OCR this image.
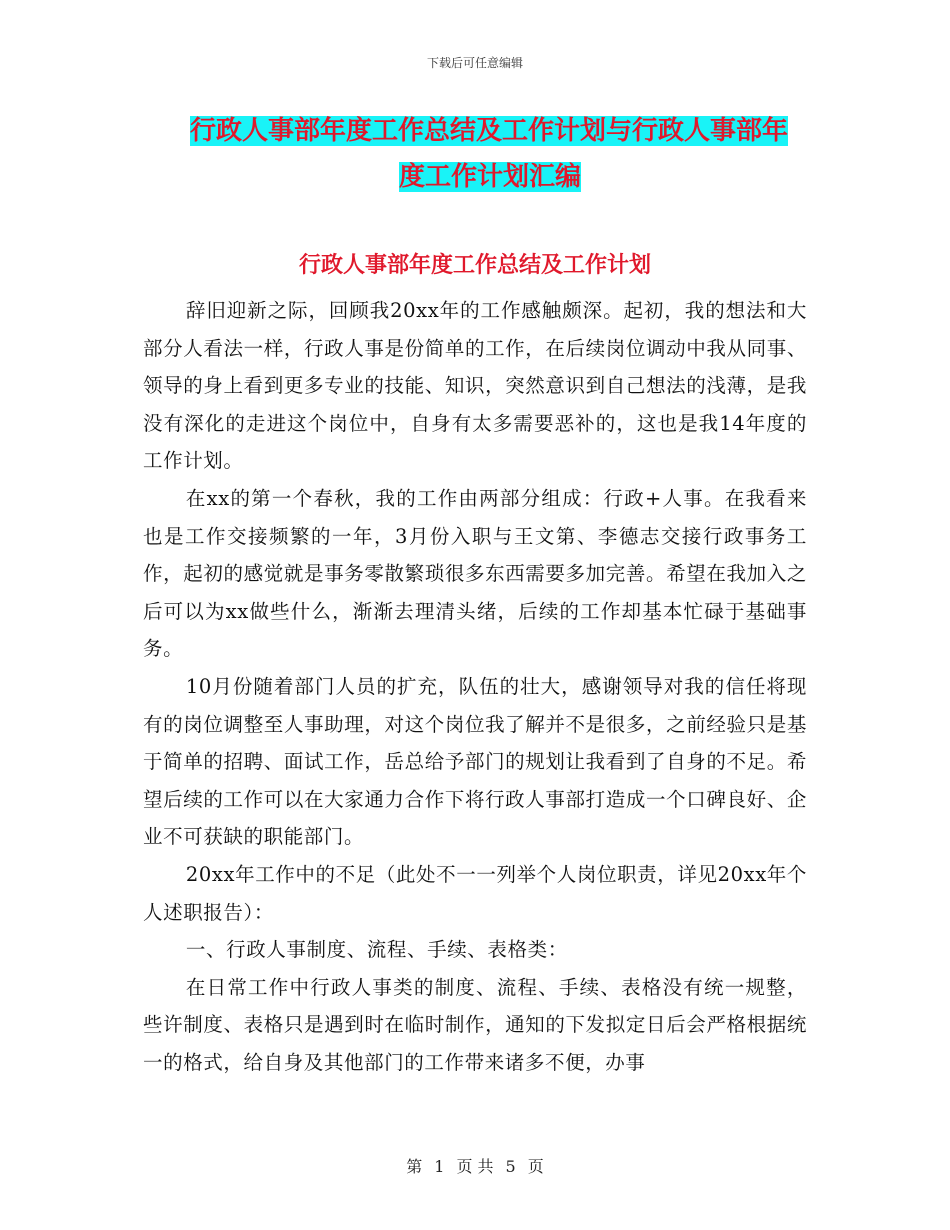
下载后可任意编辑
行政人事部年度工作总结及工作计划与行政人事部年
度工作计划汇编
行政人事部年度工作总结及工作计划

辞旧迎新之际，回顾我20xx年的工作感触颇深。起初，我的想法和大部分人看法一样，行政人事是份简单的工作，在后续岗位调动中我从同事、领导的身上看到更多专业的技能、知识，突然意识到自己想法的浅薄，是我没有深化的走进这个岗位中，自身有太多需要恶补的，这也是我14年度的工作计划。

在xx的第一个春秋，我的工作由两部分组成：行政+人事。在我看来也是工作交接频繁的一年，3月份入职与王文第、李德志交接行政事务工作，起初的感觉就是事务零散繁琐很多东西需要多加完善。希望在我加入之后可以为xx做些什么，渐渐去理清头绪，后续的工作却基本忙碌于基础事务。

10月份随着部门人员的扩充，队伍的壮大，感谢领导对我的信任将现有的岗位调整至人事助理，对这个岗位我了解并不是很多，之前经验只是基于简单的招聘、面试工作，岳总给予部门的规划让我看到了自身的不足。希望后续的工作可以在大家通力合作下将行政人事部打造成一个口碑良好、企业不可获缺的职能部门。

20xx年工作中的不足（此处不一一列举个人岗位职责，详见20xx年个人述职报告）：

一、行政人事制度、流程、手续、表格类：

在日常工作中行政人事类的制度、流程、手续、表格没有统一规整，些许制度、表格只是遇到时在临时制作，通知的下发拟定日后会严格根据统一的格式，给自身及其他部门的工作带来诸多不便，办事

第 1 页 共 5 页
